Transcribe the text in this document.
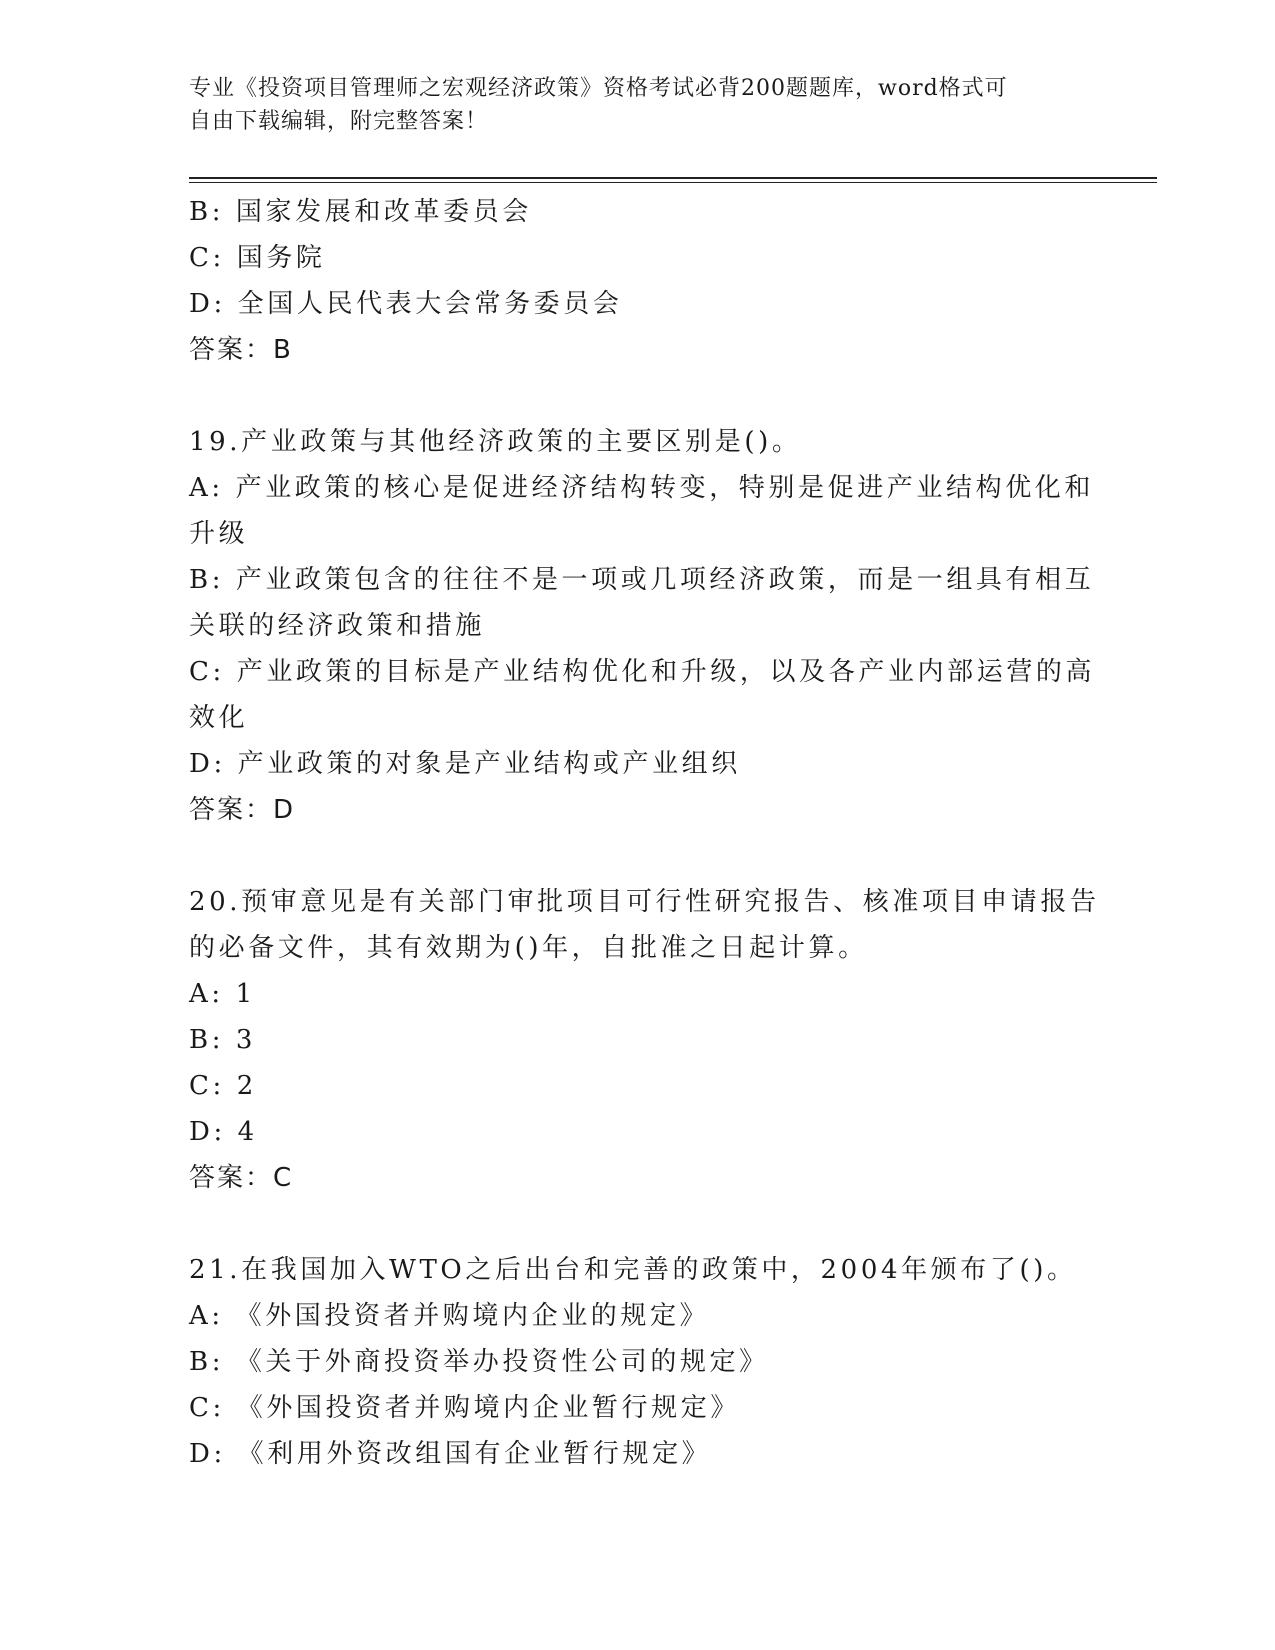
专业《投资项目管理师之宏观经济政策》资格考试必背200题题库，word格式可
自由下载编辑，附完整答案！
B: 国家发展和改革委员会
C: 国务院
D: 全国人民代表大会常务委员会
答案：B
19.产业政策与其他经济政策的主要区别是()。
A: 产业政策的核心是促进经济结构转变，特别是促进产业结构优化和
升级
B: 产业政策包含的往往不是一项或几项经济政策，而是一组具有相互
关联的经济政策和措施
C: 产业政策的目标是产业结构优化和升级，以及各产业内部运营的高
效化
D: 产业政策的对象是产业结构或产业组织
答案：D
20.预审意见是有关部门审批项目可行性研究报告、核准项目申请报告
的必备文件，其有效期为()年，自批准之日起计算。
A: 1
B: 3
C: 2
D: 4
答案：C
21.在我国加入WTO之后出台和完善的政策中，2004年颁布了()。
A: 《外国投资者并购境内企业的规定》
B: 《关于外商投资举办投资性公司的规定》
C: 《外国投资者并购境内企业暂行规定》
D: 《利用外资改组国有企业暂行规定》
